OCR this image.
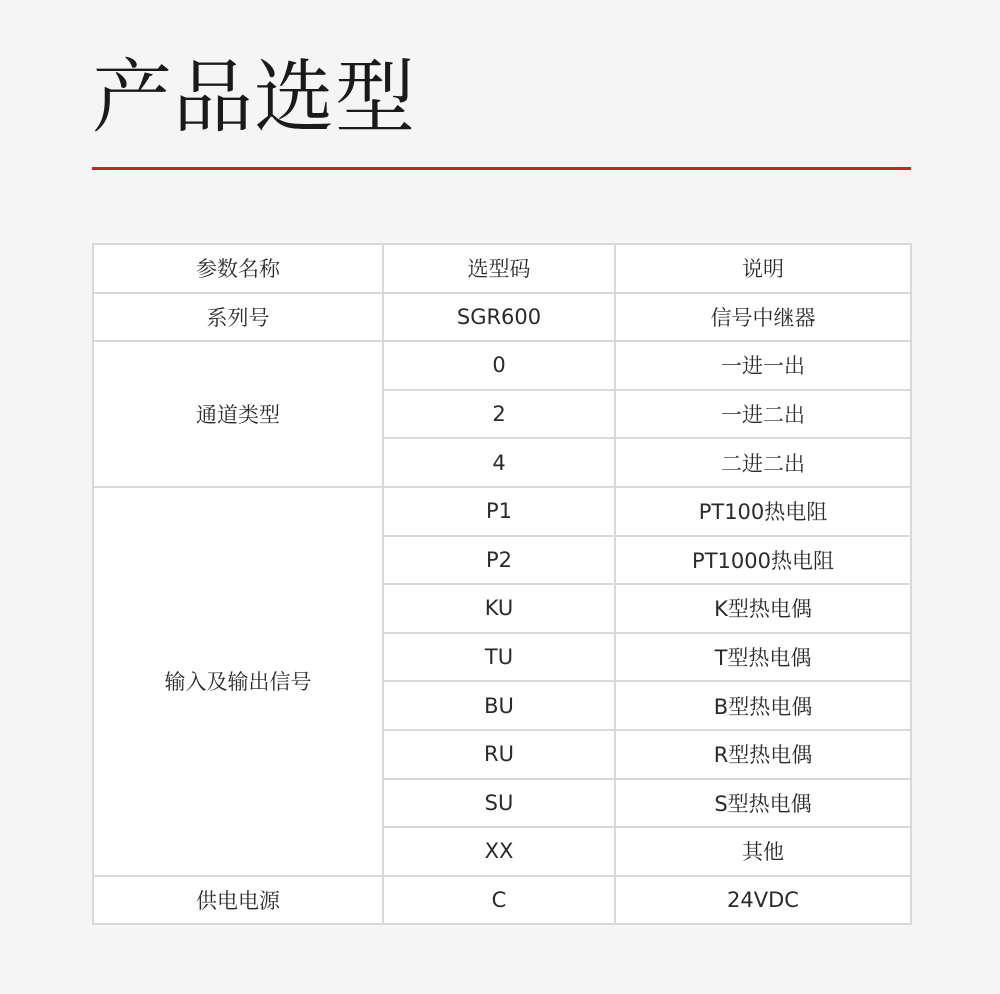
产品选型
参数名称	选型码	说明
系列号	SGR600	信号中继器
通道类型	0	一进一出
	2	一进二出
	4	二进二出
输入及输出信号	P1	PT100热电阻
	P2	PT1000热电阻
	KU	K型热电偶
	TU	T型热电偶
	BU	B型热电偶
	RU	R型热电偶
	SU	S型热电偶
	XX	其他
供电电源	C	24VDC
